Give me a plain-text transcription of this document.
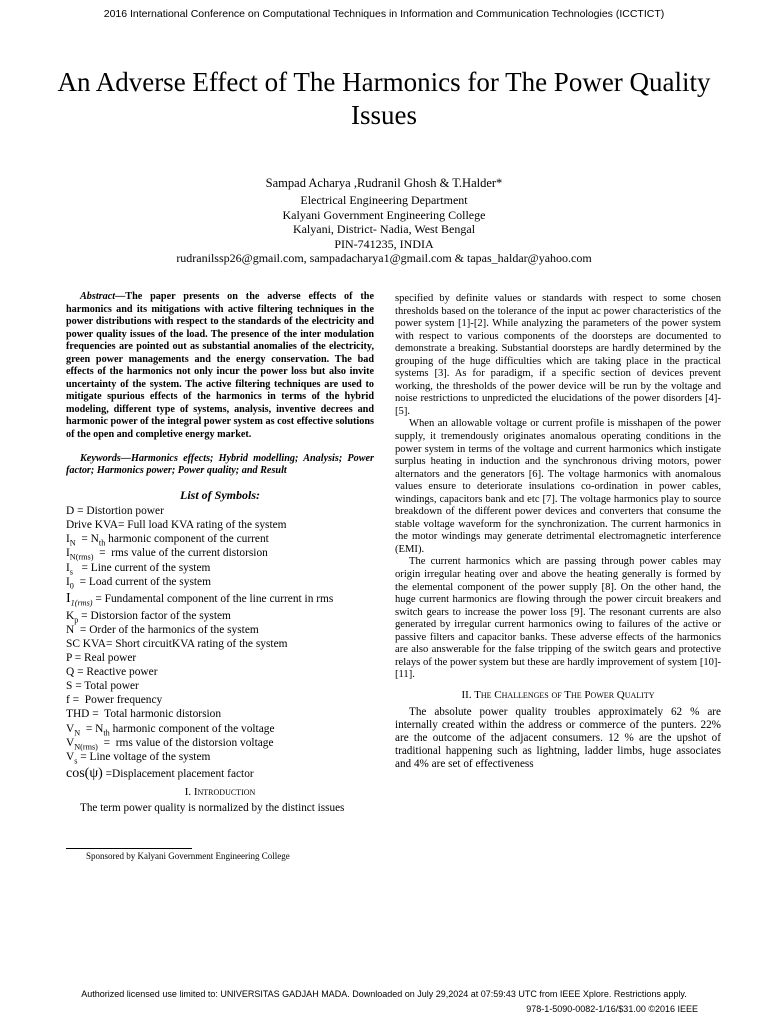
2016 International Conference on Computational Techniques in Information and Communication Technologies (ICCTICT)
An Adverse Effect of The Harmonics for The Power Quality Issues
Sampad Acharya ,Rudranil Ghosh & T.Halder*
Electrical Engineering Department
Kalyani Government Engineering College
Kalyani, District- Nadia, West Bengal
PIN-741235, INDIA
rudranilssp26@gmail.com, sampadacharya1@gmail.com & tapas_haldar@yahoo.com

Abstract—The paper presents on the adverse effects of the harmonics and its mitigations with active filtering techniques in the power distributions with respect to the standards of the electricity and power quality issues of the load. The presence of the inter modulation frequencies are pointed out as substantial anomalies of the electricity, green power managements and the energy conservation. The bad effects of the harmonics not only incur the power loss but also invite uncertainty of the system. The active filtering techniques are used to mitigate spurious effects of the harmonics in terms of the hybrid modeling, different type of systems, analysis, inventive decrees and harmonic power of the integral power system as cost effective solutions of the open and completive energy market.

Keywords—Harmonics effects; Hybrid modelling; Analysis; Power factor; Harmonics power; Power quality; and Result

List of Symbols:
D = Distortion power
Drive KVA= Full load KVA rating of the system
$I_N = N_{th}$ harmonic component of the current
$I_{N(rms)}$  =  rms value of the current distorsion
$I_s$   = Line current of the system
$I_0$  = Load current of the system
$I_{1(rms)}$ = Fundamental component of the line current in rms
$K_p$ = Distorsion factor of the system
N  = Order of the harmonics of the system
SC KVA= Short circuitKVA rating of the system
P = Real power
Q = Reactive power
S = Total power
f =  Power frequency
THD =  Total harmonic distorsion
$V_N = N_{th}$ harmonic component of the voltage
$V_{N(rms)}$  =  rms value of the distorsion voltage
$V_s$ = Line voltage of the system
cos(ψ) =Displacement placement factor
I. Introduction

The term power quality is normalized by the distinct issues

Sponsored by Kalyani Government Engineering College

specified by definite values or standards with respect to some chosen thresholds based on the tolerance of the input ac power characteristics of the power system [1]-[2]. While analyzing the parameters of the power system with respect to various components of the doorsteps are documented to demonstrate a breaking. Substantial doorsteps are hardly determined by the grouping of the huge difficulties which are taking place in the practical systems [3]. As for paradigm, if a specific section of devices prevent working, the thresholds of the power device will be run by the voltage and noise restrictions to unpredicted the elucidations of the power disorders [4]-[5].

When an allowable voltage or current profile is misshapen of the power supply, it tremendously originates anomalous operating conditions in the power system in terms of the voltage and current harmonics which instigate surplus heating in induction and the synchronous driving motors, power alternators and the generators [6]. The voltage harmonics with anomalous values ensure to deteriorate insulations co-ordination in power cables, windings, capacitors bank and etc [7]. The voltage harmonics play to source breakdown of the different power devices and converters that consume the stable voltage waveform for the synchronization. The current harmonics in the motor windings may generate detrimental electromagnetic interference (EMI).

The current harmonics which are passing through power cables may origin irregular heating over and above the heating generally is formed by the elemental component of the power supply [8]. On the other hand, the huge current harmonics are flowing through the power circuit breakers and switch gears to increase the power loss [9]. The resonant currents are also generated by irregular current harmonics owing to failures of the active or passive filters and capacitor banks. These adverse effects of the harmonics are also answerable for the false tripping of the switch gears and protective relays of the power system but these are hardly improvement of system [10]-[11].

II. The Challenges of The Power Quality

The absolute power quality troubles approximately 62 % are internally created within the address or commerce of the punters. 22% are the outcome of the adjacent consumers. 12 % are the upshot of traditional happening such as lightning, ladder limbs, huge associates and 4% are set of effectiveness

Authorized licensed use limited to: UNIVERSITAS GADJAH MADA. Downloaded on July 29,2024 at 07:59:43 UTC from IEEE Xplore. Restrictions apply.
978-1-5090-0082-1/16/$31.00 ©2016 IEEE
